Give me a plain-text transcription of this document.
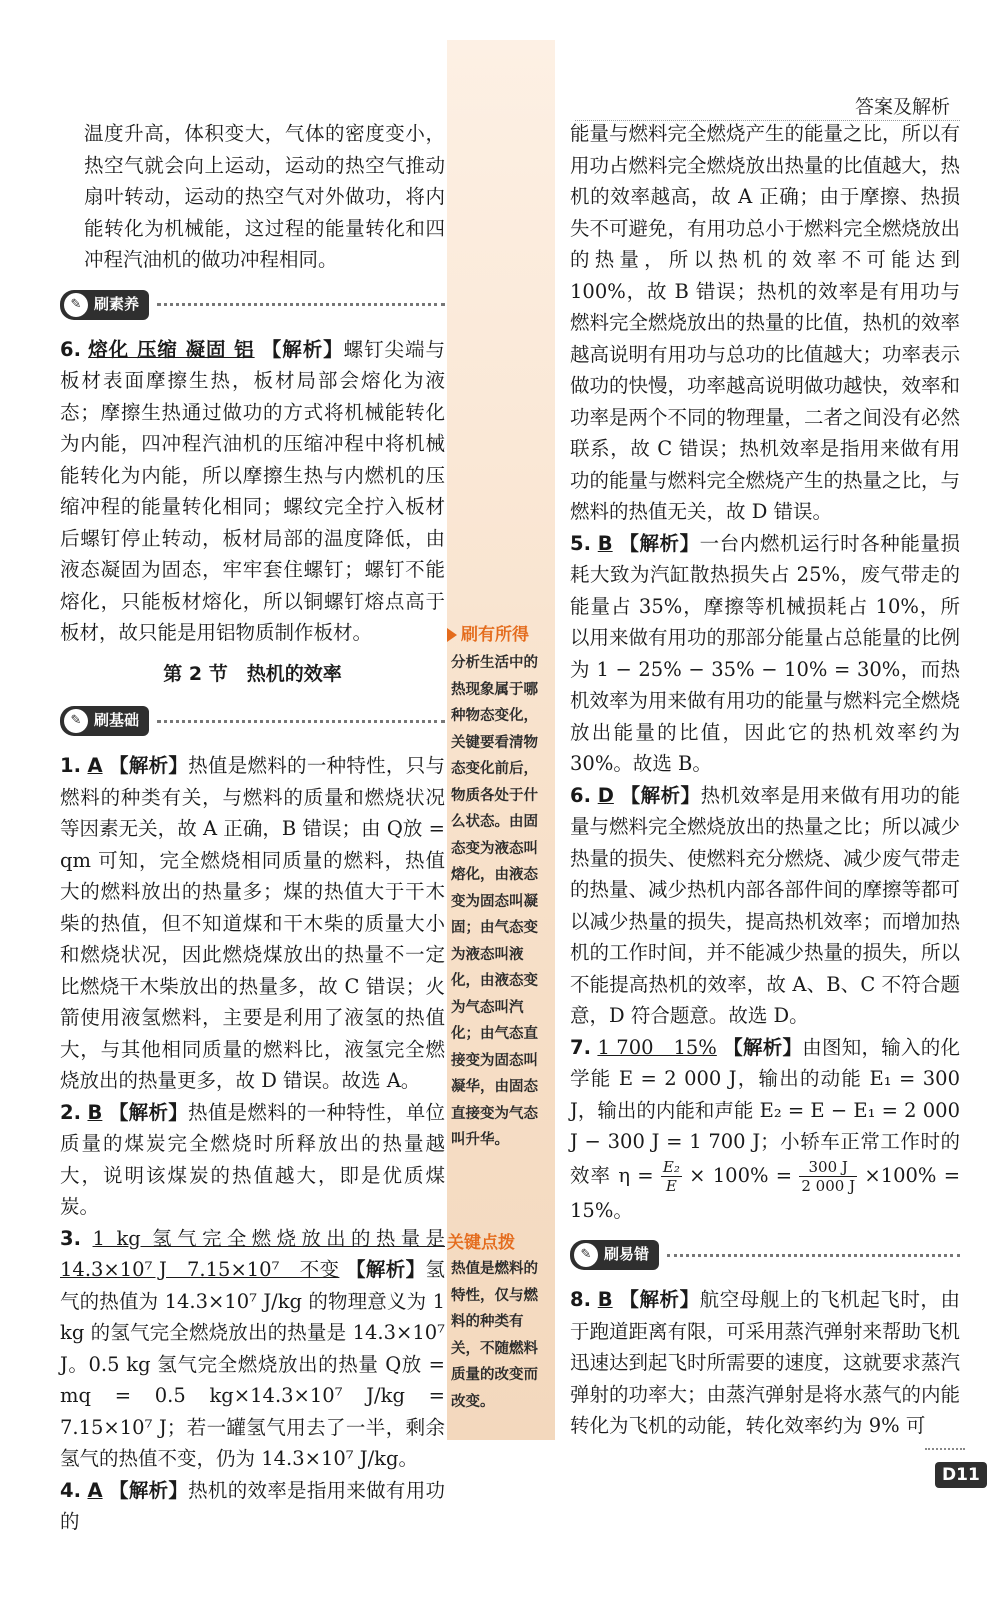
答案及解析
刷有所得
分析生活中的热现象属于哪种物态变化，关键要看清物态变化前后，物质各处于什么状态。由固态变为液态叫熔化，由液态变为固态叫凝固；由气态变为液态叫液化，由液态变为气态叫汽化；由气态直接变为固态叫凝华，由固态直接变为气态叫升华。
关键点拨
热值是燃料的特性，仅与燃料的种类有关，不随燃料质量的改变而改变。

温度升高，体积变大，气体的密度变小，热空气就会向上运动，运动的热空气推动扇叶转动，运动的热空气对外做功，将内能转化为机械能，这过程的能量转化和四冲程汽油机的做功冲程相同。

✎ 刷素养

6. 熔化 压缩 凝固 铝 【解析】螺钉尖端与板材表面摩擦生热，板材局部会熔化为液态；摩擦生热通过做功的方式将机械能转化为内能，四冲程汽油机的压缩冲程中将机械能转化为内能，所以摩擦生热与内燃机的压缩冲程的能量转化相同；螺纹完全拧入板材后螺钉停止转动，板材局部的温度降低，由液态凝固为固态，牢牢套住螺钉；螺钉不能熔化，只能板材熔化，所以铜螺钉熔点高于板材，故只能是用铝物质制作板材。

第 2 节　热机的效率
✎ 刷基础

1. A 【解析】热值是燃料的一种特性，只与燃料的种类有关，与燃料的质量和燃烧状况等因素无关，故 A 正确，B 错误；由 Q放 = qm 可知，完全燃烧相同质量的燃料，热值大的燃料放出的热量多；煤的热值大于干木柴的热值，但不知道煤和干木柴的质量大小和燃烧状况，因此燃烧煤放出的热量不一定比燃烧干木柴放出的热量多，故 C 错误；火箭使用液氢燃料，主要是利用了液氢的热值大，与其他相同质量的燃料比，液氢完全燃烧放出的热量更多，故 D 错误。故选 A。

2. B 【解析】热值是燃料的一种特性，单位质量的煤炭完全燃烧时所释放出的热量越大，说明该煤炭的热值越大，即是优质煤炭。

3. 1 kg 氢气完全燃烧放出的热量是 14.3×10⁷ J　7.15×10⁷　不变 【解析】氢气的热值为 14.3×10⁷ J/kg 的物理意义为 1 kg 的氢气完全燃烧放出的热量是 14.3×10⁷ J。0.5 kg 氢气完全燃烧放出的热量 Q放 = mq = 0.5 kg×14.3×10⁷ J/kg = 7.15×10⁷ J；若一罐氢气用去了一半，剩余氢气的热值不变，仍为 14.3×10⁷ J/kg。

4. A 【解析】热机的效率是指用来做有用功的

能量与燃料完全燃烧产生的能量之比，所以有用功占燃料完全燃烧放出热量的比值越大，热机的效率越高，故 A 正确；由于摩擦、热损失不可避免，有用功总小于燃料完全燃烧放出的热量，所以热机的效率不可能达到 100%，故 B 错误；热机的效率是有用功与燃料完全燃烧放出的热量的比值，热机的效率越高说明有用功与总功的比值越大；功率表示做功的快慢，功率越高说明做功越快，效率和功率是两个不同的物理量，二者之间没有必然联系，故 C 错误；热机效率是指用来做有用功的能量与燃料完全燃烧产生的热量之比，与燃料的热值无关，故 D 错误。

5. B 【解析】一台内燃机运行时各种能量损耗大致为汽缸散热损失占 25%，废气带走的能量占 35%，摩擦等机械损耗占 10%，所以用来做有用功的那部分能量占总能量的比例为 1 − 25% − 35% − 10% = 30%，而热机效率为用来做有用功的能量与燃料完全燃烧放出能量的比值，因此它的热机效率约为 30%。故选 B。

6. D 【解析】热机效率是用来做有用功的能量与燃料完全燃烧放出的热量之比；所以减少热量的损失、使燃料充分燃烧、减少废气带走的热量、减少热机内部各部件间的摩擦等都可以减少热量的损失，提高热机效率；而增加热机的工作时间，并不能减少热量的损失，所以不能提高热机的效率，故 A、B、C 不符合题意，D 符合题意。故选 D。

7. 1 700　15% 【解析】由图知，输入的化学能 E = 2 000 J，输出的动能 E₁ = 300 J，输出的内能和声能 E₂ = E − E₁ = 2 000 J − 300 J = 1 700 J；小轿车正常工作时的效率 $\eta = \frac{\text{E₂}}{E} \times 100\% = \frac{300 J}{2 000 J} \times 100\% = 15\%$。

✎ 刷易错

8. B 【解析】航空母舰上的飞机起飞时，由于跑道距离有限，可采用蒸汽弹射来帮助飞机迅速达到起飞时所需要的速度，这就要求蒸汽弹射的功率大；由蒸汽弹射是将水蒸气的内能转化为飞机的动能，转化效率约为 9% 可

D11
